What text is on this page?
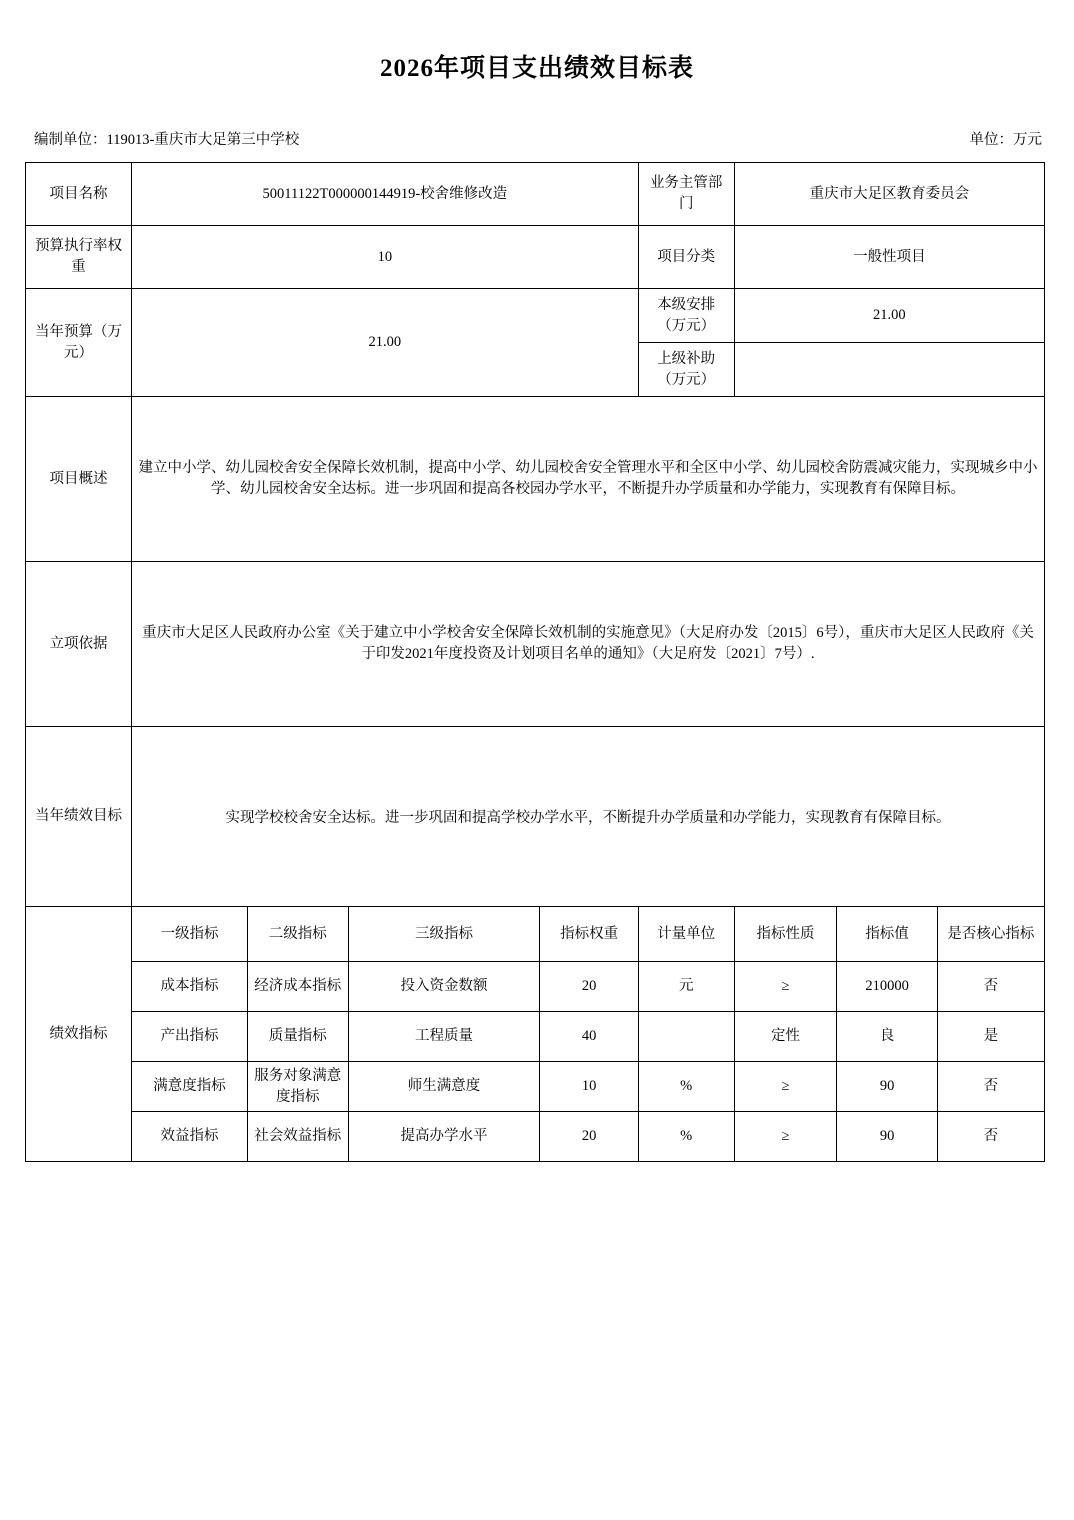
2026年项目支出绩效目标表
编制单位：119013-重庆市大足第三中学校	单位：万元
项目名称	50011122T000000144919-校舍维修改造				业务主管部门	重庆市大足区教育委员会		
预算执行率权重	10				项目分类	一般性项目		
当年预算（万元）	21.00				本级安排（万元）	21.00		
					上级补助（万元）			
项目概述	建立中小学、幼儿园校舍安全保障长效机制，提高中小学、幼儿园校舍安全管理水平和全区中小学、幼儿园校舍防震减灾能力，实现城乡中小学、幼儿园校舍安全达标。进一步巩固和提高各校园办学水平，不断提升办学质量和办学能力，实现教育有保障目标。							
立项依据	重庆市大足区人民政府办公室《关于建立中小学校舍安全保障长效机制的实施意见》（大足府办发〔2015〕6号），重庆市大足区人民政府《关于印发2021年度投资及计划项目名单的通知》（大足府发〔2021〕7号）.							
当年绩效目标	实现学校校舍安全达标。进一步巩固和提高学校办学水平，不断提升办学质量和办学能力，实现教育有保障目标。							
绩效指标	一级指标	二级指标	三级指标	指标权重	计量单位	指标性质	指标值	是否核心指标
	成本指标	经济成本指标	投入资金数额	20	元	≥	210000	否
	产出指标	质量指标	工程质量	40		定性	良	是
	满意度指标	服务对象满意度指标	师生满意度	10	%	≥	90	否
	效益指标	社会效益指标	提高办学水平	20	%	≥	90	否
